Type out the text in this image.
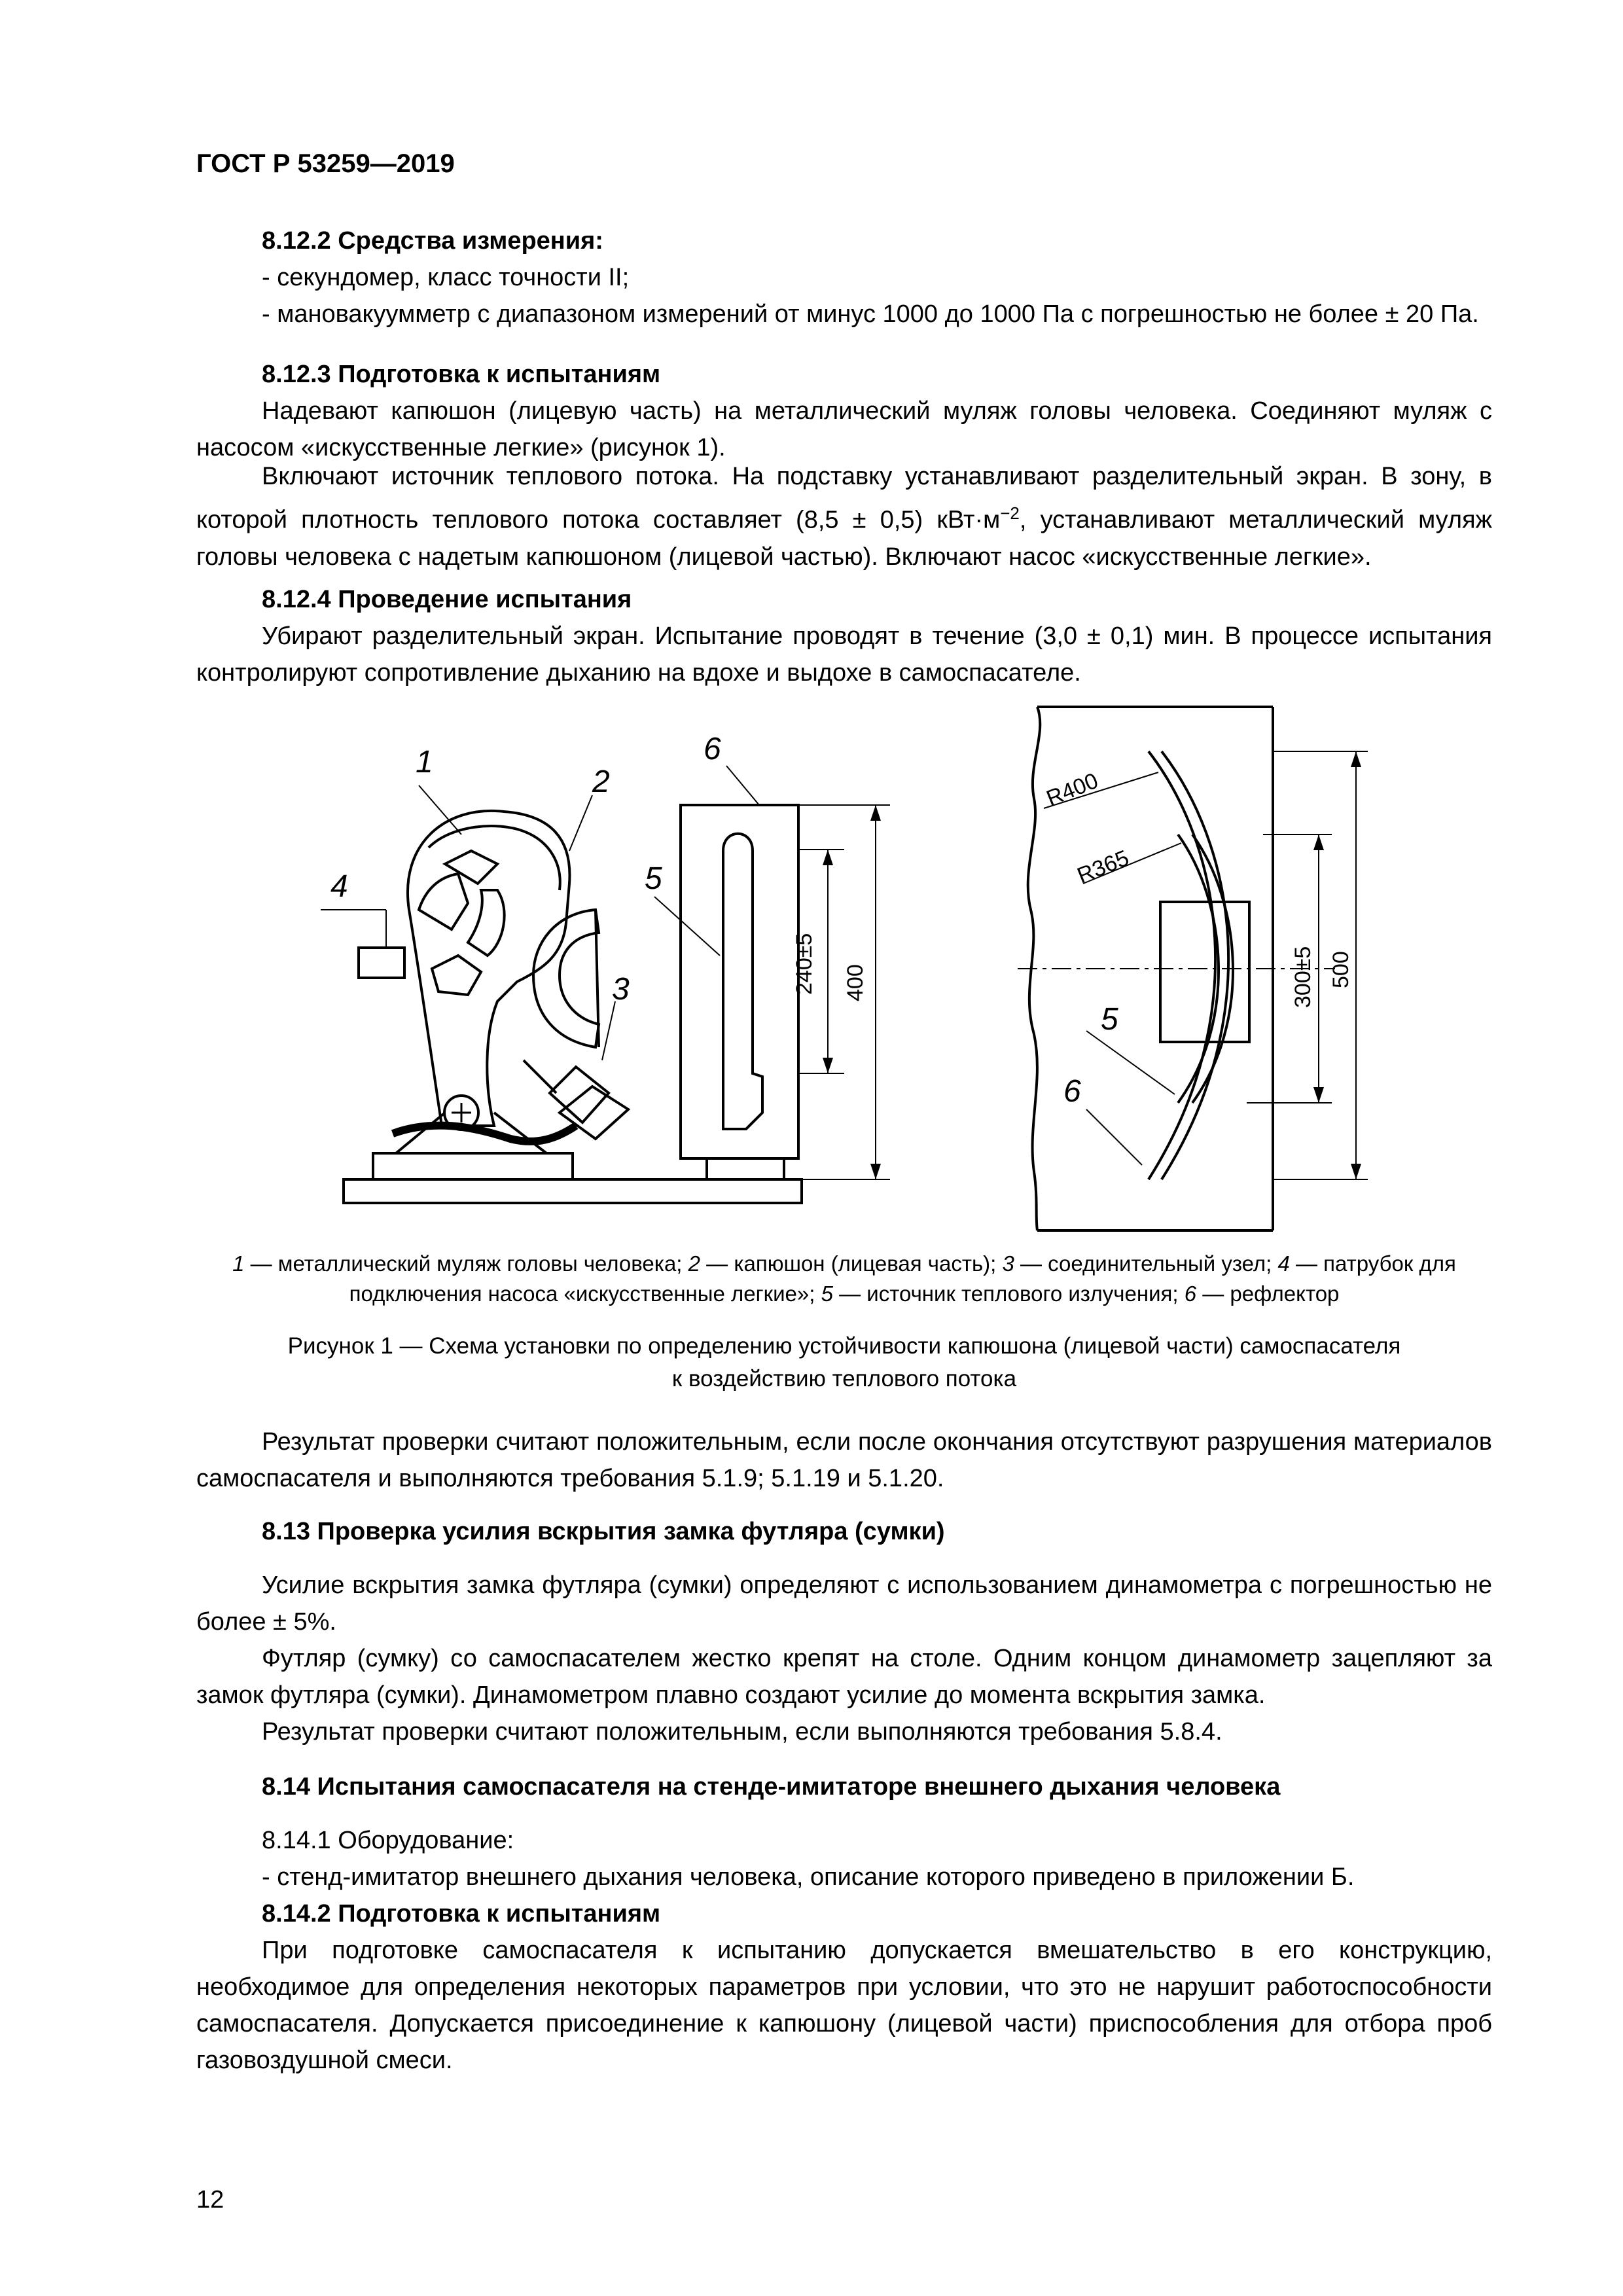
ГОСТ Р 53259—2019
8.12.2 Средства измерения:
- секундомер, класс точности II;
- мановакуумметр с диапазоном измерений от минус 1000 до 1000 Па с погрешностью не более ± 20 Па.
8.12.3 Подготовка к испытаниям
Надевают капюшон (лицевую часть) на металлический муляж головы человека. Соединяют муляж с насосом «искусственные легкие» (рисунок 1).
Включают источник теплового потока. На подставку устанавливают разделительный экран. В зону, в которой плотность теплового потока составляет (8,5 ± 0,5) $кВт\cdot м^{-2}$, устанавливают металлический муляж головы человека с надетым капюшоном (лицевой частью). Включают насос «искусственные легкие».
8.12.4 Проведение испытания
Убирают разделительный экран. Испытание проводят в течение (3,0 ± 0,1) мин. В процессе испытания контролируют сопротивление дыханию на вдохе и выдохе в самоспасателе.
1
2
3
4	5
6
5
6
240±5 400	300±5 500
R400
R365
1 — металлический муляж головы человека; 2 — капюшон (лицевая часть); 3 — соединительный узел; 4 — патрубок для подключения насоса «искусственные легкие»; 5 — источник теплового излучения; 6 — рефлектор
Рисунок 1 — Схема установки по определению устойчивости капюшона (лицевой части) самоспасателя
к воздействию теплового потока
Результат проверки считают положительным, если после окончания отсутствуют разрушения материалов самоспасателя и выполняются требования 5.1.9; 5.1.19 и 5.1.20.
8.13 Проверка усилия вскрытия замка футляра (сумки)
Усилие вскрытия замка футляра (сумки) определяют с использованием динамометра с погрешностью не более ± 5%.
Футляр (сумку) со самоспасателем жестко крепят на столе. Одним концом динамометр зацепляют за замок футляра (сумки). Динамометром плавно создают усилие до момента вскрытия замка.
Результат проверки считают положительным, если выполняются требования 5.8.4.
8.14 Испытания самоспасателя на стенде-имитаторе внешнего дыхания человека
8.14.1 Оборудование:
- стенд-имитатор внешнего дыхания человека, описание которого приведено в приложении Б.
8.14.2 Подготовка к испытаниям
При подготовке самоспасателя к испытанию допускается вмешательство в его конструкцию, необходимое для определения некоторых параметров при условии, что это не нарушит работоспособности самоспасателя. Допускается присоединение к капюшону (лицевой части) приспособления для отбора проб газовоздушной смеси.
12
